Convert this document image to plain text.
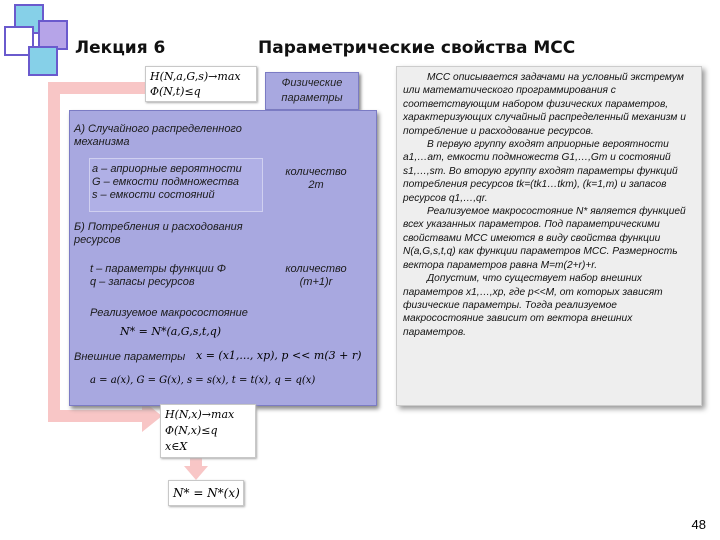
Лекция 6	Параметрические свойства МСС
H(N,a,G,s)→max
Φ(N,t)≤q
Физические параметры
А) Случайного распределенного механизма
Б) Потребления и расходования ресурсов
t – параметры функции Φ
q – запасы ресурсов
количество
(m+1)r
Реализуемое макросостояние
N* = N*(a,G,s,t,q)
Внешние параметры x = (x1,..., xp), p << m(3 + r)
a = a(x), G = G(x), s = s(x), t = t(x), q = q(x)
а – априорные вероятности
G – емкости подмножества
s – емкости состояний
количество
2m

МСС описывается задачами на условный экстремум или математического программирования с соответствующим набором физических параметров, характеризующих случайный распределенный механизм и потребление и расходование ресурсов.

В первую группу входят априорные вероятности a1,…am, емкости подмножеств G1,…,Gm и состояний s1,…,sm. Во вторую группу входят параметры функций потребления ресурсов tk=(tk1…tkm), (k=1,m) и запасов ресурсов q1,…,qr.

Реализуемое макросостояние N* является функцией всех указанных параметров. Под параметрическими свойствами МСС имеются в виду свойства функции N(a,G,s,t,q) как функции параметров МСС. Размерность вектора параметров равна M=m(2+r)+r.

Допустим, что существует набор внешних параметров x1,…,xp, где p<<M, от которых зависят физические параметры. Тогда реализуемое макросостояние зависит от вектора внешних параметров.

H(N,x)→max
Φ(N,x)≤q
x∈X
N* = N*(x)
48
